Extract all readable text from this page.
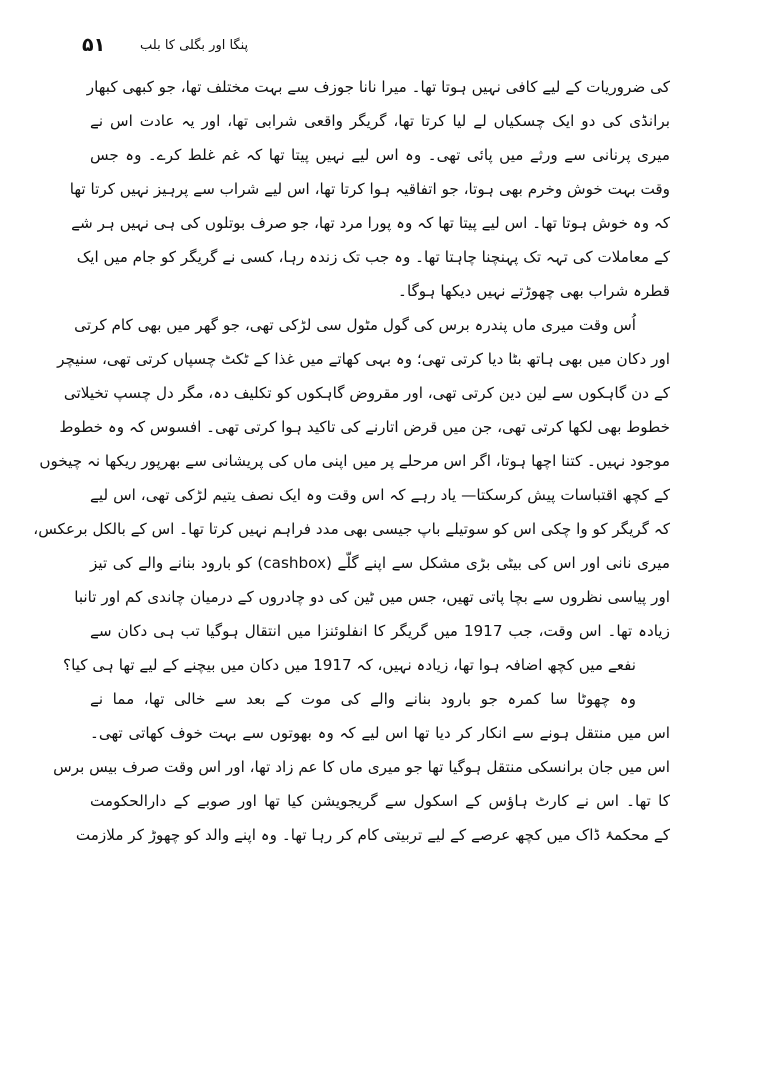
۵۱	پنگا اور بگلی کا بلب
کی ضروریات کے لیے کافی نہیں ہوتا تھا۔ میرا نانا جوزف سے بہت مختلف تھا، جو کبھی کبھار
برانڈی کی دو ایک چسکیاں لے لیا کرتا تھا، گریگر واقعی شرابی تھا، اور یہ عادت اس نے
میری پرنانی سے ورثے میں پائی تھی۔ وہ اس لیے نہیں پیتا تھا کہ غم غلط کرے۔ وہ جس
وقت بہت خوش وخرم بھی ہوتا، جو اتفاقیہ ہوا کرتا تھا، اس لیے شراب سے پرہیز نہیں کرتا تھا
کہ وہ خوش ہوتا تھا۔ اس لیے پیتا تھا کہ وہ پورا مرد تھا، جو صرف بوتلوں کی ہی نہیں ہر شے
کے معاملات کی تہہ تک پہنچنا چاہتا تھا۔ وہ جب تک زندہ رہا، کسی نے گریگر کو جام میں ایک
قطرہ شراب بھی چھوڑتے نہیں دیکھا ہوگا۔
اُس وقت میری ماں پندرہ برس کی گول مٹول سی لڑکی تھی، جو گھر میں بھی کام کرتی
اور دکان میں بھی ہاتھ بٹا دیا کرتی تھی؛ وہ بہی کھاتے میں غذا کے ٹکٹ چسپاں کرتی تھی، سنیچر
کے دن گاہکوں سے لین دین کرتی تھی، اور مقروض گاہکوں کو تکلیف دہ، مگر دل چسپ تخیلاتی
خطوط بھی لکھا کرتی تھی، جن میں قرض اتارنے کی تاکید ہوا کرتی تھی۔ افسوس کہ وہ خطوط
موجود نہیں۔ کتنا اچھا ہوتا، اگر اس مرحلے پر میں اپنی ماں کی پریشانی سے بھرپور ریکھا نہ چیخوں
کے کچھ اقتباسات پیش کرسکتا— یاد رہے کہ اس وقت وہ ایک نصف یتیم لڑکی تھی، اس لیے
کہ گریگر کو وا چکی اس کو سوتیلے باپ جیسی بھی مدد فراہم نہیں کرتا تھا۔ اس کے بالکل برعکس،
میری نانی اور اس کی بیٹی بڑی مشکل سے اپنے گلّے (cashbox) کو بارود بنانے والے کی تیز
اور پیاسی نظروں سے بچا پاتی تھیں، جس میں ٹین کی دو چادروں کے درمیان چاندی کم اور تانبا
زیادہ تھا۔ اس وقت، جب 1917 میں گریگر کا انفلوئنزا میں انتقال ہوگیا تب ہی دکان سے
نفعے میں کچھ اضافہ ہوا تھا، زیادہ نہیں، کہ 1917 میں دکان میں بیچنے کے لیے تھا ہی کیا؟
وہ چھوٹا سا کمرہ جو بارود بنانے والے کی موت کے بعد سے خالی تھا، مما نے
اس میں منتقل ہونے سے انکار کر دیا تھا اس لیے کہ وہ بھوتوں سے بہت خوف کھاتی تھی۔
اس میں جان برانسکی منتقل ہوگیا تھا جو میری ماں کا عم زاد تھا، اور اس وقت صرف بیس برس
کا تھا۔ اس نے کارٹ ہاؤس کے اسکول سے گریجویشن کیا تھا اور صوبے کے دارالحکومت
کے محکمۂ ڈاک میں کچھ عرصے کے لیے تربیتی کام کر رہا تھا۔ وہ اپنے والد کو چھوڑ کر ملازمت
